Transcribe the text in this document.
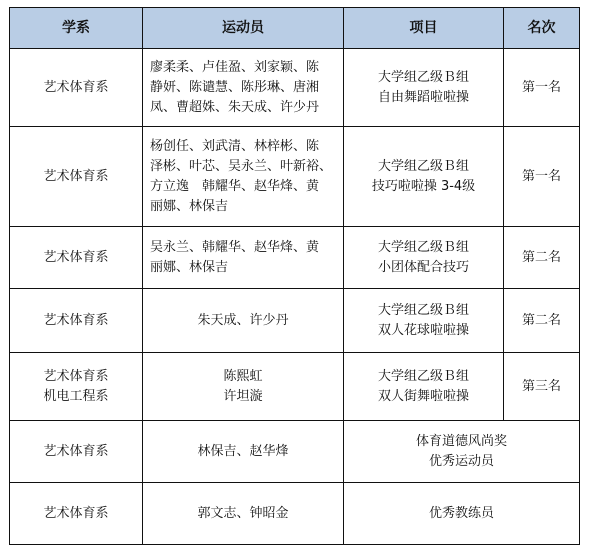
学系	运动员	项目	名次
艺术体育系	廖柔柔、卢佳盈、刘家颖、陈
静妍、陈谴慧、陈彤琳、唐湘
凤、曹超姝、朱天成、许少丹	大学组乙级Ｂ组
自由舞蹈啦啦操	第一名
艺术体育系	杨创任、刘武清、林梓彬、陈
泽彬、叶芯、吴永兰、叶新裕、
方立逸　韩耀华、赵华烽、黄
丽娜、林保吉	大学组乙级Ｂ组
技巧啦啦操 3-4级	第一名
艺术体育系	吴永兰、韩耀华、赵华烽、黄
丽娜、林保吉	大学组乙级Ｂ组
小团体配合技巧	第二名
艺术体育系	朱天成、许少丹	大学组乙级Ｂ组
双人花球啦啦操	第二名

艺术体育系
机电工程系	陈熙虹
许坦漩	大学组乙级Ｂ组
双人街舞啦啦操	第三名
艺术体育系	林保吉、赵华烽	体育道德风尚奖
优秀运动员	

艺术体育系	郭文志、钟昭金	优秀教练员	
